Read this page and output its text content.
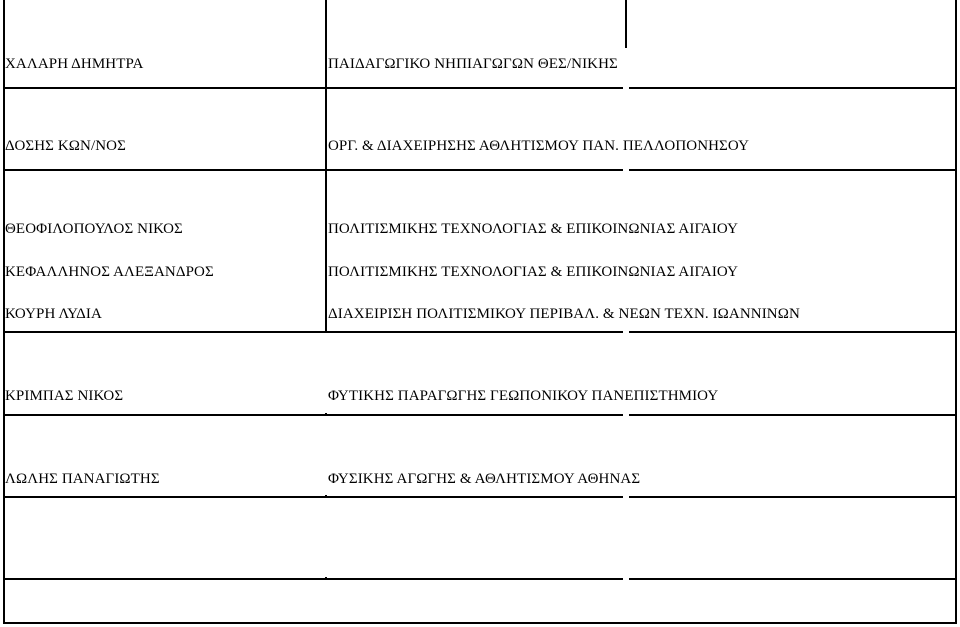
ΧΑΛΑΡΗ ΔΗΜΗΤΡΑ	ΠΑΙΔΑΓΩΓΙΚΟ ΝΗΠΙΑΓΩΓΩΝ ΘΕΣ/ΝΙΚΗΣ
ΔΟΣΗΣ ΚΩΝ/ΝΟΣ	ΟΡΓ. & ΔΙΑΧΕΙΡΗΣΗΣ ΑΘΛΗΤΙΣΜΟΥ ΠΑΝ. ΠΕΛΛΟΠΟΝΗΣΟΥ
ΘΕΟΦΙΛΟΠΟΥΛΟΣ ΝΙΚΟΣ	ΠΟΛΙΤΙΣΜΙΚΗΣ ΤΕΧΝΟΛΟΓΙΑΣ & ΕΠΙΚΟΙΝΩΝΙΑΣ ΑΙΓΑΙΟΥ
ΚΕΦΑΛΛΗΝΟΣ ΑΛΕΞΑΝΔΡΟΣ	ΠΟΛΙΤΙΣΜΙΚΗΣ ΤΕΧΝΟΛΟΓΙΑΣ & ΕΠΙΚΟΙΝΩΝΙΑΣ ΑΙΓΑΙΟΥ
ΚΟΥΡΗ ΛΥΔΙΑ	ΔΙΑΧΕΙΡΙΣΗ ΠΟΛΙΤΙΣΜΙΚΟΥ ΠΕΡΙΒΑΛ. & ΝΕΩΝ ΤΕΧΝ. ΙΩΑΝΝΙΝΩΝ
ΚΡΙΜΠΑΣ ΝΙΚΟΣ	ΦΥΤΙΚΗΣ ΠΑΡΑΓΩΓΗΣ ΓΕΩΠΟΝΙΚΟΥ ΠΑΝΕΠΙΣΤΗΜΙΟΥ
ΛΩΛΗΣ ΠΑΝΑΓΙΩΤΗΣ	ΦΥΣΙΚΗΣ ΑΓΩΓΗΣ & ΑΘΛΗΤΙΣΜΟΥ ΑΘΗΝΑΣ
